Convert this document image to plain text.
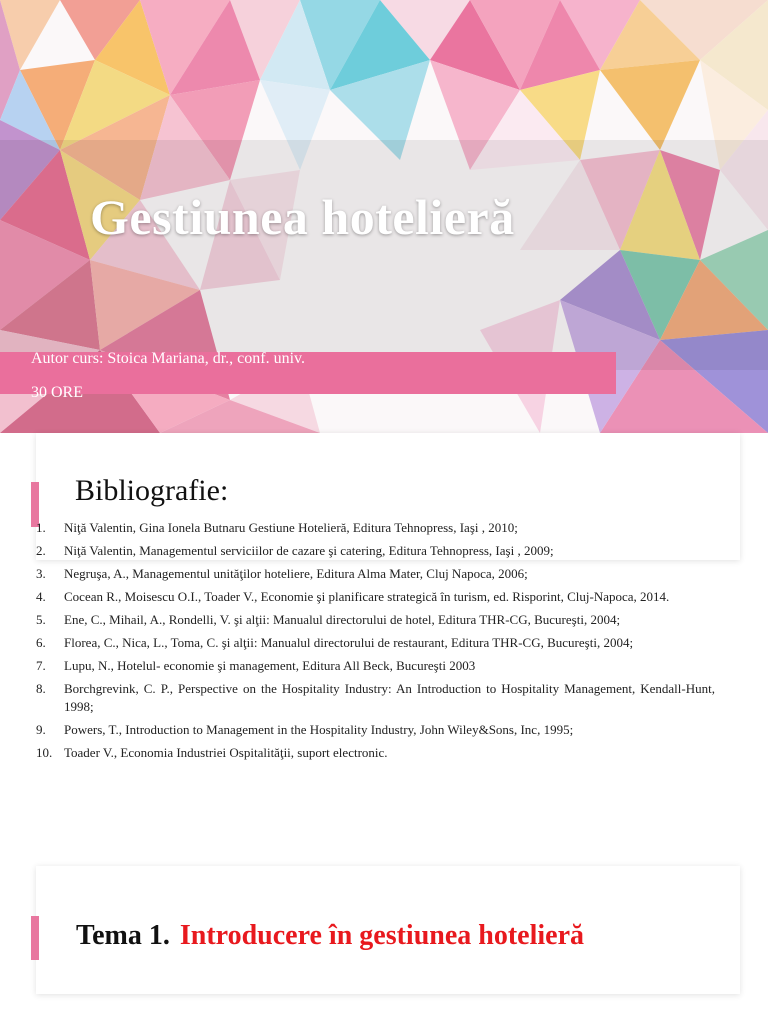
Gestiunea hotelieră
Autor curs: Stoica Mariana, dr., conf. univ.
30 ORE
Bibliografie:
1.	Niţă Valentin, Gina Ionela Butnaru Gestiune Hotelieră, Editura Tehnopress, Iaşi , 2010;
2.	Niţă Valentin, Managementul serviciilor de cazare şi catering, Editura Tehnopress, Iaşi , 2009;
3.	Negruşa, A., Managementul unităţilor hoteliere, Editura Alma Mater, Cluj Napoca, 2006;
4.	Cocean R., Moisescu O.I., Toader V., Economie şi planificare strategică în turism, ed. Risporint, Cluj-Napoca, 2014.
5.	Ene, C., Mihail, A., Rondelli, V. şi alţii: Manualul directorului de hotel, Editura THR-CG, Bucureşti, 2004;
6.	Florea, C., Nica, L., Toma, C. şi alţii: Manualul directorului de restaurant, Editura THR-CG, Bucureşti, 2004;
7.	Lupu, N., Hotelul- economie şi management, Editura All Beck, Bucureşti 2003
8.	Borchgrevink, C. P., Perspective on the Hospitality Industry: An Introduction to Hospitality Management, Kendall-Hunt, 1998;
9.	Powers, T., Introduction to Management in the Hospitality Industry, John Wiley&Sons, Inc, 1995;
10. Toader V., Economia Industriei Ospitalităţii, suport electronic.
Tema 1. Introducere în gestiunea hotelieră
